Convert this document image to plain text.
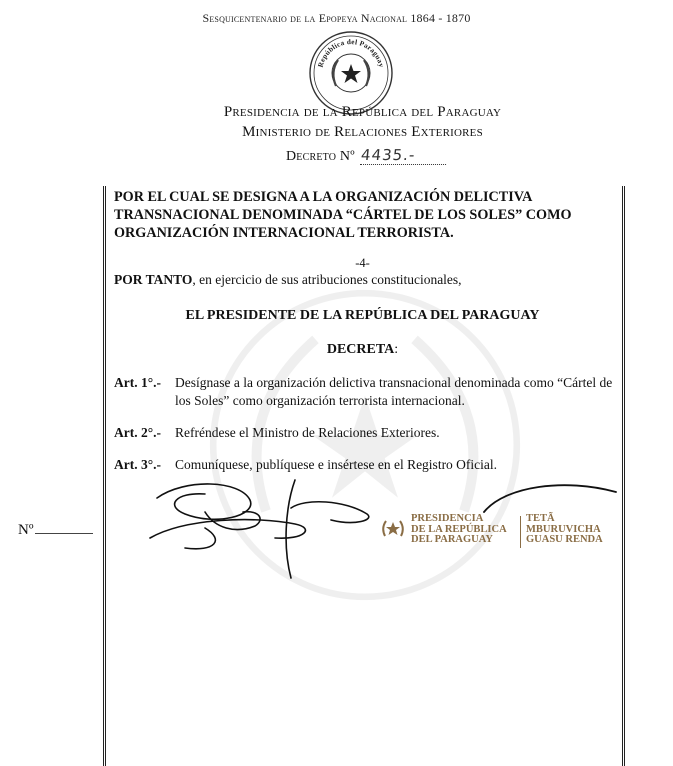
Sesquicentenario de la Epopeya Nacional 1864 - 1870
República del Paraguay
Presidencia de la República del Paraguay
Ministerio de Relaciones Exteriores
Decreto Nº 4435.-
POR EL CUAL SE DESIGNA A LA ORGANIZACIÓN DELICTIVA
TRANSNACIONAL DENOMINADA “CÁRTEL DE LOS SOLES” COMO
ORGANIZACIÓN INTERNACIONAL TERRORISTA.
-4-
POR TANTO, en ejercicio de sus atribuciones constitucionales,
EL PRESIDENTE DE LA REPÚBLICA DEL PARAGUAY
DECRETA:
Art. 1°.- Desígnase a la organización delictiva transnacional denominada como “Cártel de los Soles” como organización terrorista internacional.
Art. 2°.- Refréndese el Ministro de Relaciones Exteriores.
Art. 3°.- Comuníquese, publíquese e insértese en el Registro Oficial.
Nº
PRESIDENCIA
DE LA REPÚBLICA
DEL PARAGUAY
TETÃ
MBURUVICHA
GUASU RENDA
